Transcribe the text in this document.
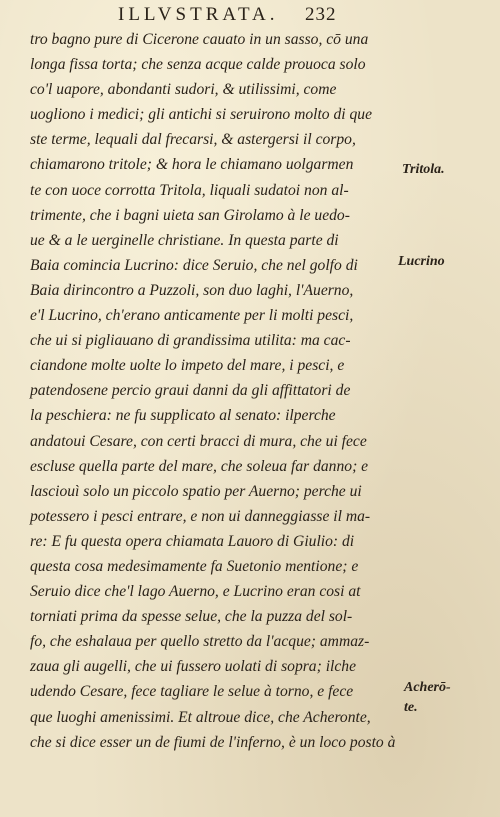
ILLVSTRATA. 232
tro bagno pure di Cicerone cauato in un sasso, cō una
longa fissa torta; che senza acque calde prouoca solo
co'l uapore, abondanti sudori, & utilissimi, come
uogliono i medici; gli antichi si seruirono molto di que
ste terme, lequali dal frecarsi, & astergersi il corpo,
chiamarono tritole; & hora le chiamano uolgarmen
te con uoce corrotta Tritola, liquali sudatoi non al-
trimente, che i bagni uieta san Girolamo à le uedo-
ue & a le uerginelle christiane. In questa parte di
Baia comincia Lucrino: dice Seruio, che nel golfo di
Baia dirincontro a Puzzoli, son duo laghi, l'Auerno,
e'l Lucrino, ch'erano anticamente per li molti pesci,
che ui si pigliauano di grandissima utilita: ma cac-
ciandone molte uolte lo impeto del mare, i pesci, e
patendosene percio graui danni da gli affittatori de
la peschiera: ne fu supplicato al senato: ilperche
andatoui Cesare, con certi bracci di mura, che ui fece
esclusе quella parte del mare, che soleua far danno; e
lasciouì solo un piccolo spatio per Auerno; perche ui
potessero i pesci entrare, e non ui danneggiasse il ma-
re: E fu questa opera chiamata Lauoro di Giulio: di
questa cosa medesimamente fa Suetonio mentione; e
Seruio dice che'l lago Auerno, e Lucrino eran cosi at
torniati prima da spesse selue, che la puzza del sol-
fo, che eshalaua per quello stretto da l'acque; ammaz-
zaua gli augelli, che ui fussero uolati di sopra; ilche
udendo Cesare, fece tagliare le selue à torno, e fece
que luoghi amenissimi. Et altroue dice, che Acheronte,
che si dice esser un de fiumi de l'inferno, è un loco posto à
Tritola.
Lucrino
Acherō-
te.
